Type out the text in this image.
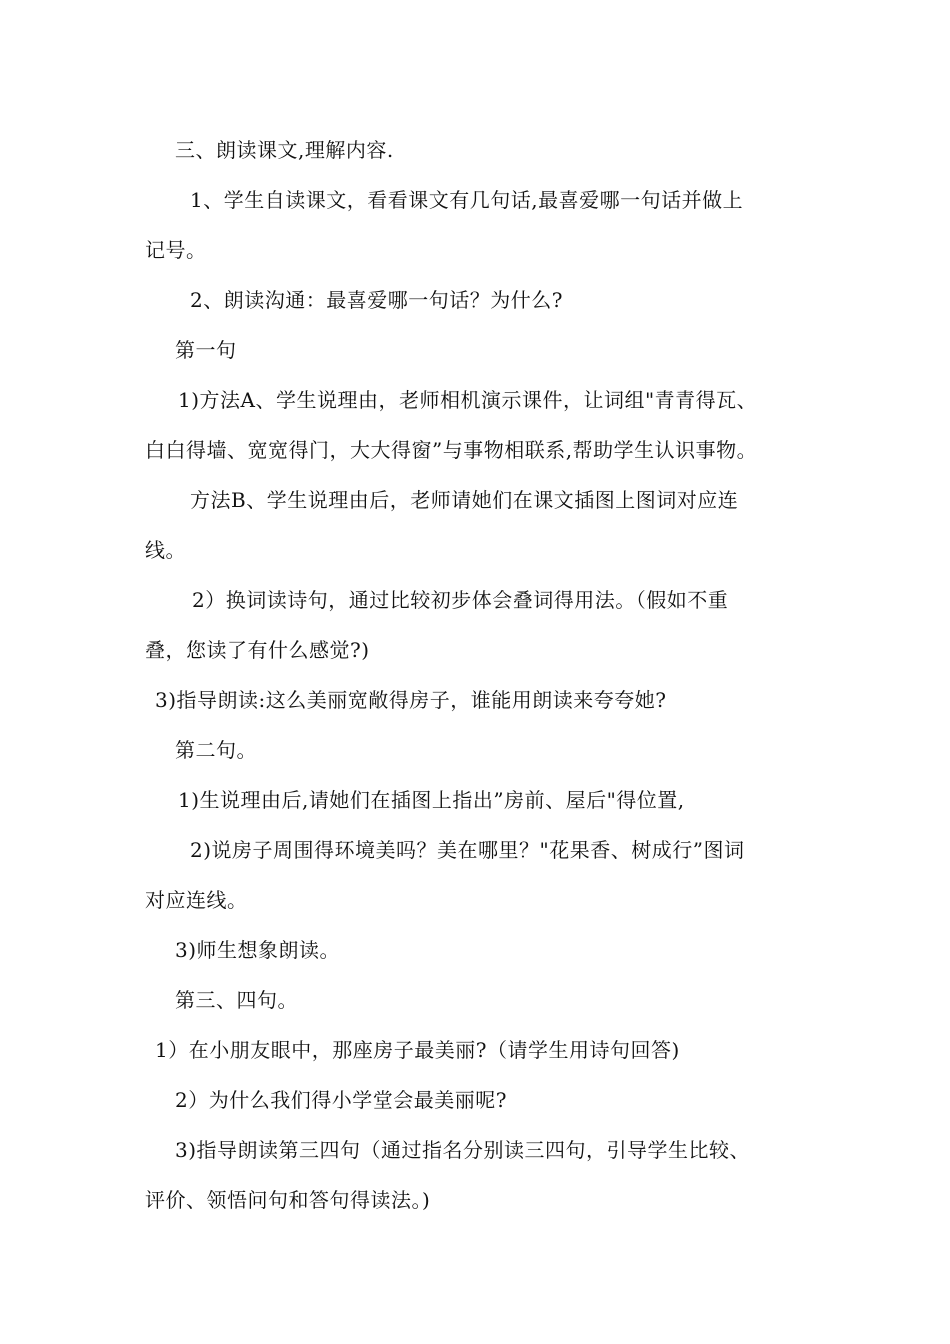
三、朗读课文,理解内容.
1、学生自读课文，看看课文有几句话,最喜爱哪一句话并做上
记号。
2、朗读沟通：最喜爱哪一句话？为什么?
第一句
1)方法A、学生说理由，老师相机演示课件，让词组"青青得瓦、
白白得墙、宽宽得门，大大得窗”与事物相联系,帮助学生认识事物。
方法B、学生说理由后，老师请她们在课文插图上图词对应连
线。
2）换词读诗句，通过比较初步体会叠词得用法。（假如不重
叠，您读了有什么感觉?)
3)指导朗读:这么美丽宽敞得房子，谁能用朗读来夸夸她?
第二句。
1)生说理由后,请她们在插图上指出”房前、屋后"得位置,
2)说房子周围得环境美吗？美在哪里？"花果香、树成行”图词
对应连线。
3)师生想象朗读。
第三、四句。
1）在小朋友眼中，那座房子最美丽?（请学生用诗句回答)
2）为什么我们得小学堂会最美丽呢?
3)指导朗读第三四句（通过指名分别读三四句，引导学生比较、
评价、领悟问句和答句得读法。)
